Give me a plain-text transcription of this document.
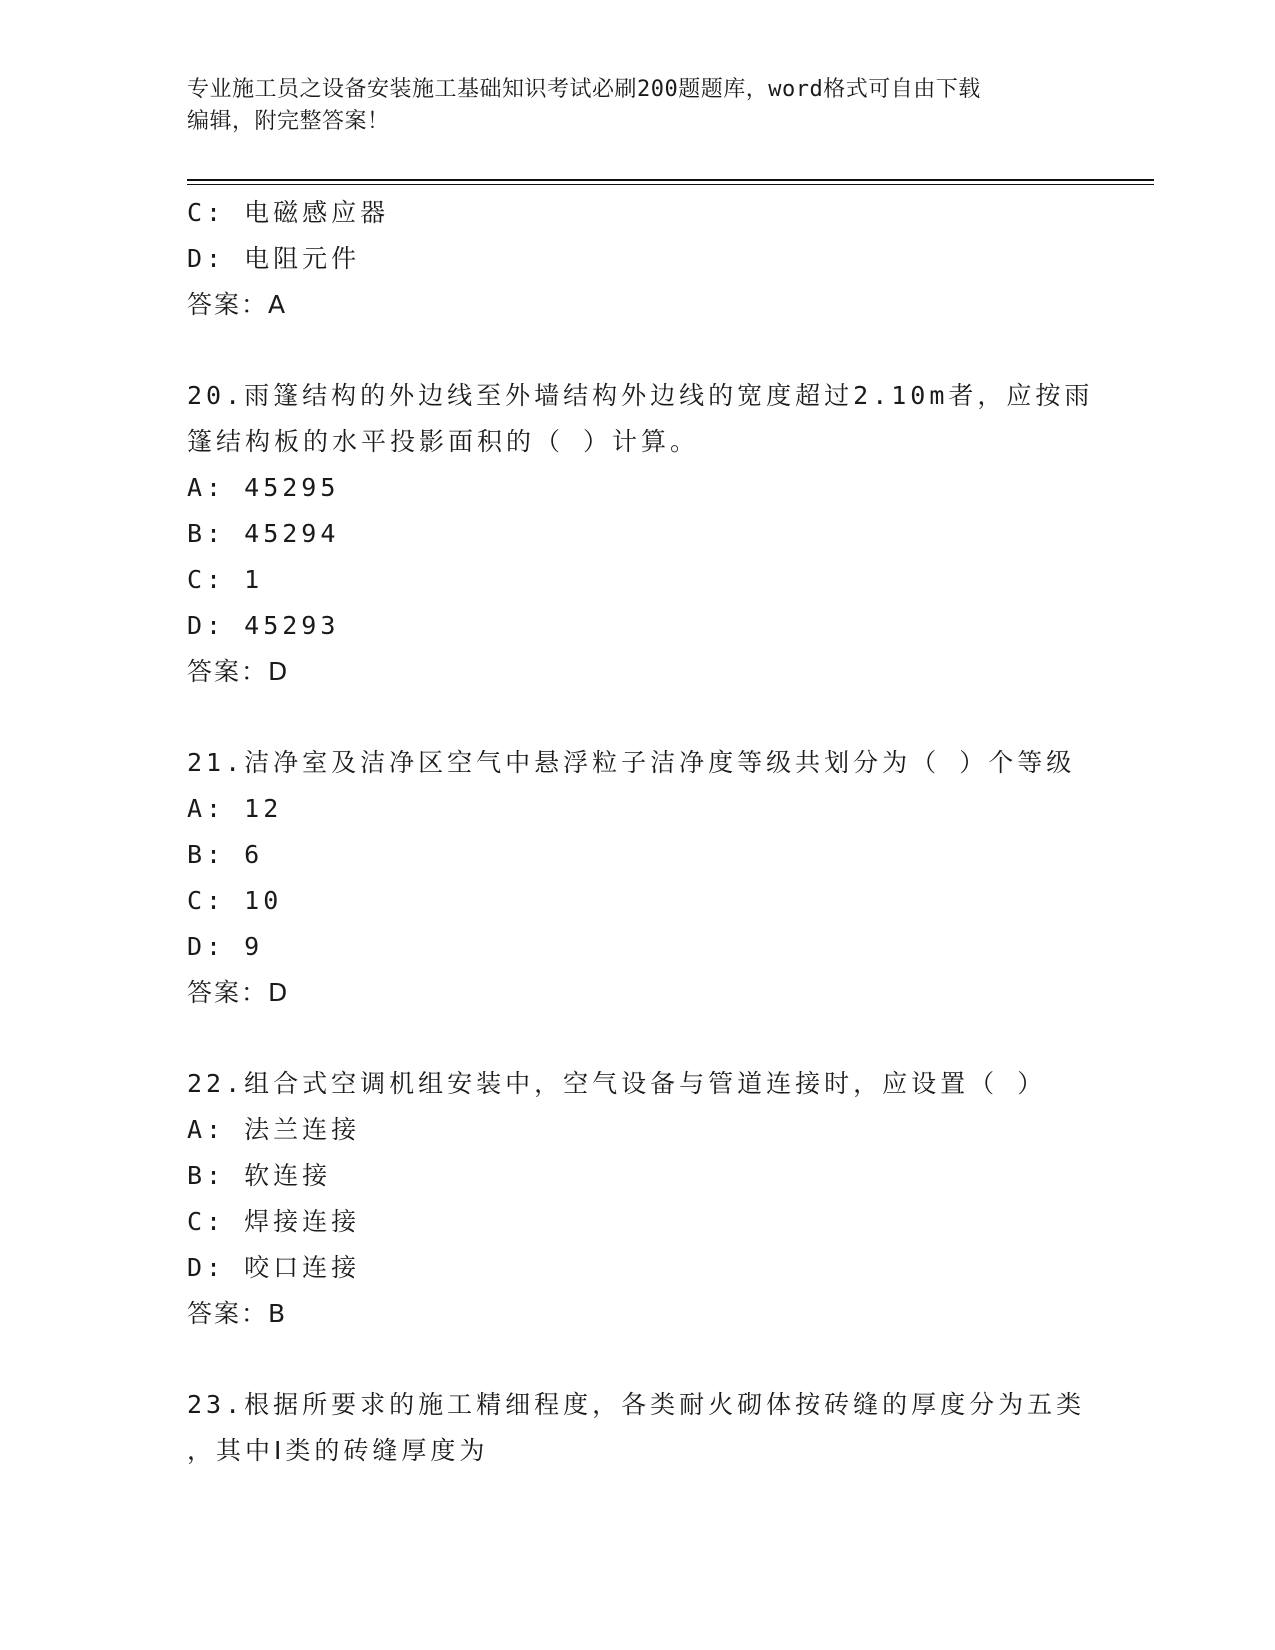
专业施工员之设备安装施工基础知识考试必刷200题题库，word格式可自由下载
编辑，附完整答案！
C: 电磁感应器
D: 电阻元件
答案：A
20.雨篷结构的外边线至外墙结构外边线的宽度超过2.10m者，应按雨
篷结构板的水平投影面积的（ ）计算。
A: 45295
B: 45294
C: 1
D: 45293
答案：D
21.洁净室及洁净区空气中悬浮粒子洁净度等级共划分为（ ）个等级
A: 12
B: 6
C: 10
D: 9
答案：D
22.组合式空调机组安装中，空气设备与管道连接时，应设置（ ）
A: 法兰连接
B: 软连接
C: 焊接连接
D: 咬口连接
答案：B
23.根据所要求的施工精细程度，各类耐火砌体按砖缝的厚度分为五类
，其中Ⅰ类的砖缝厚度为
